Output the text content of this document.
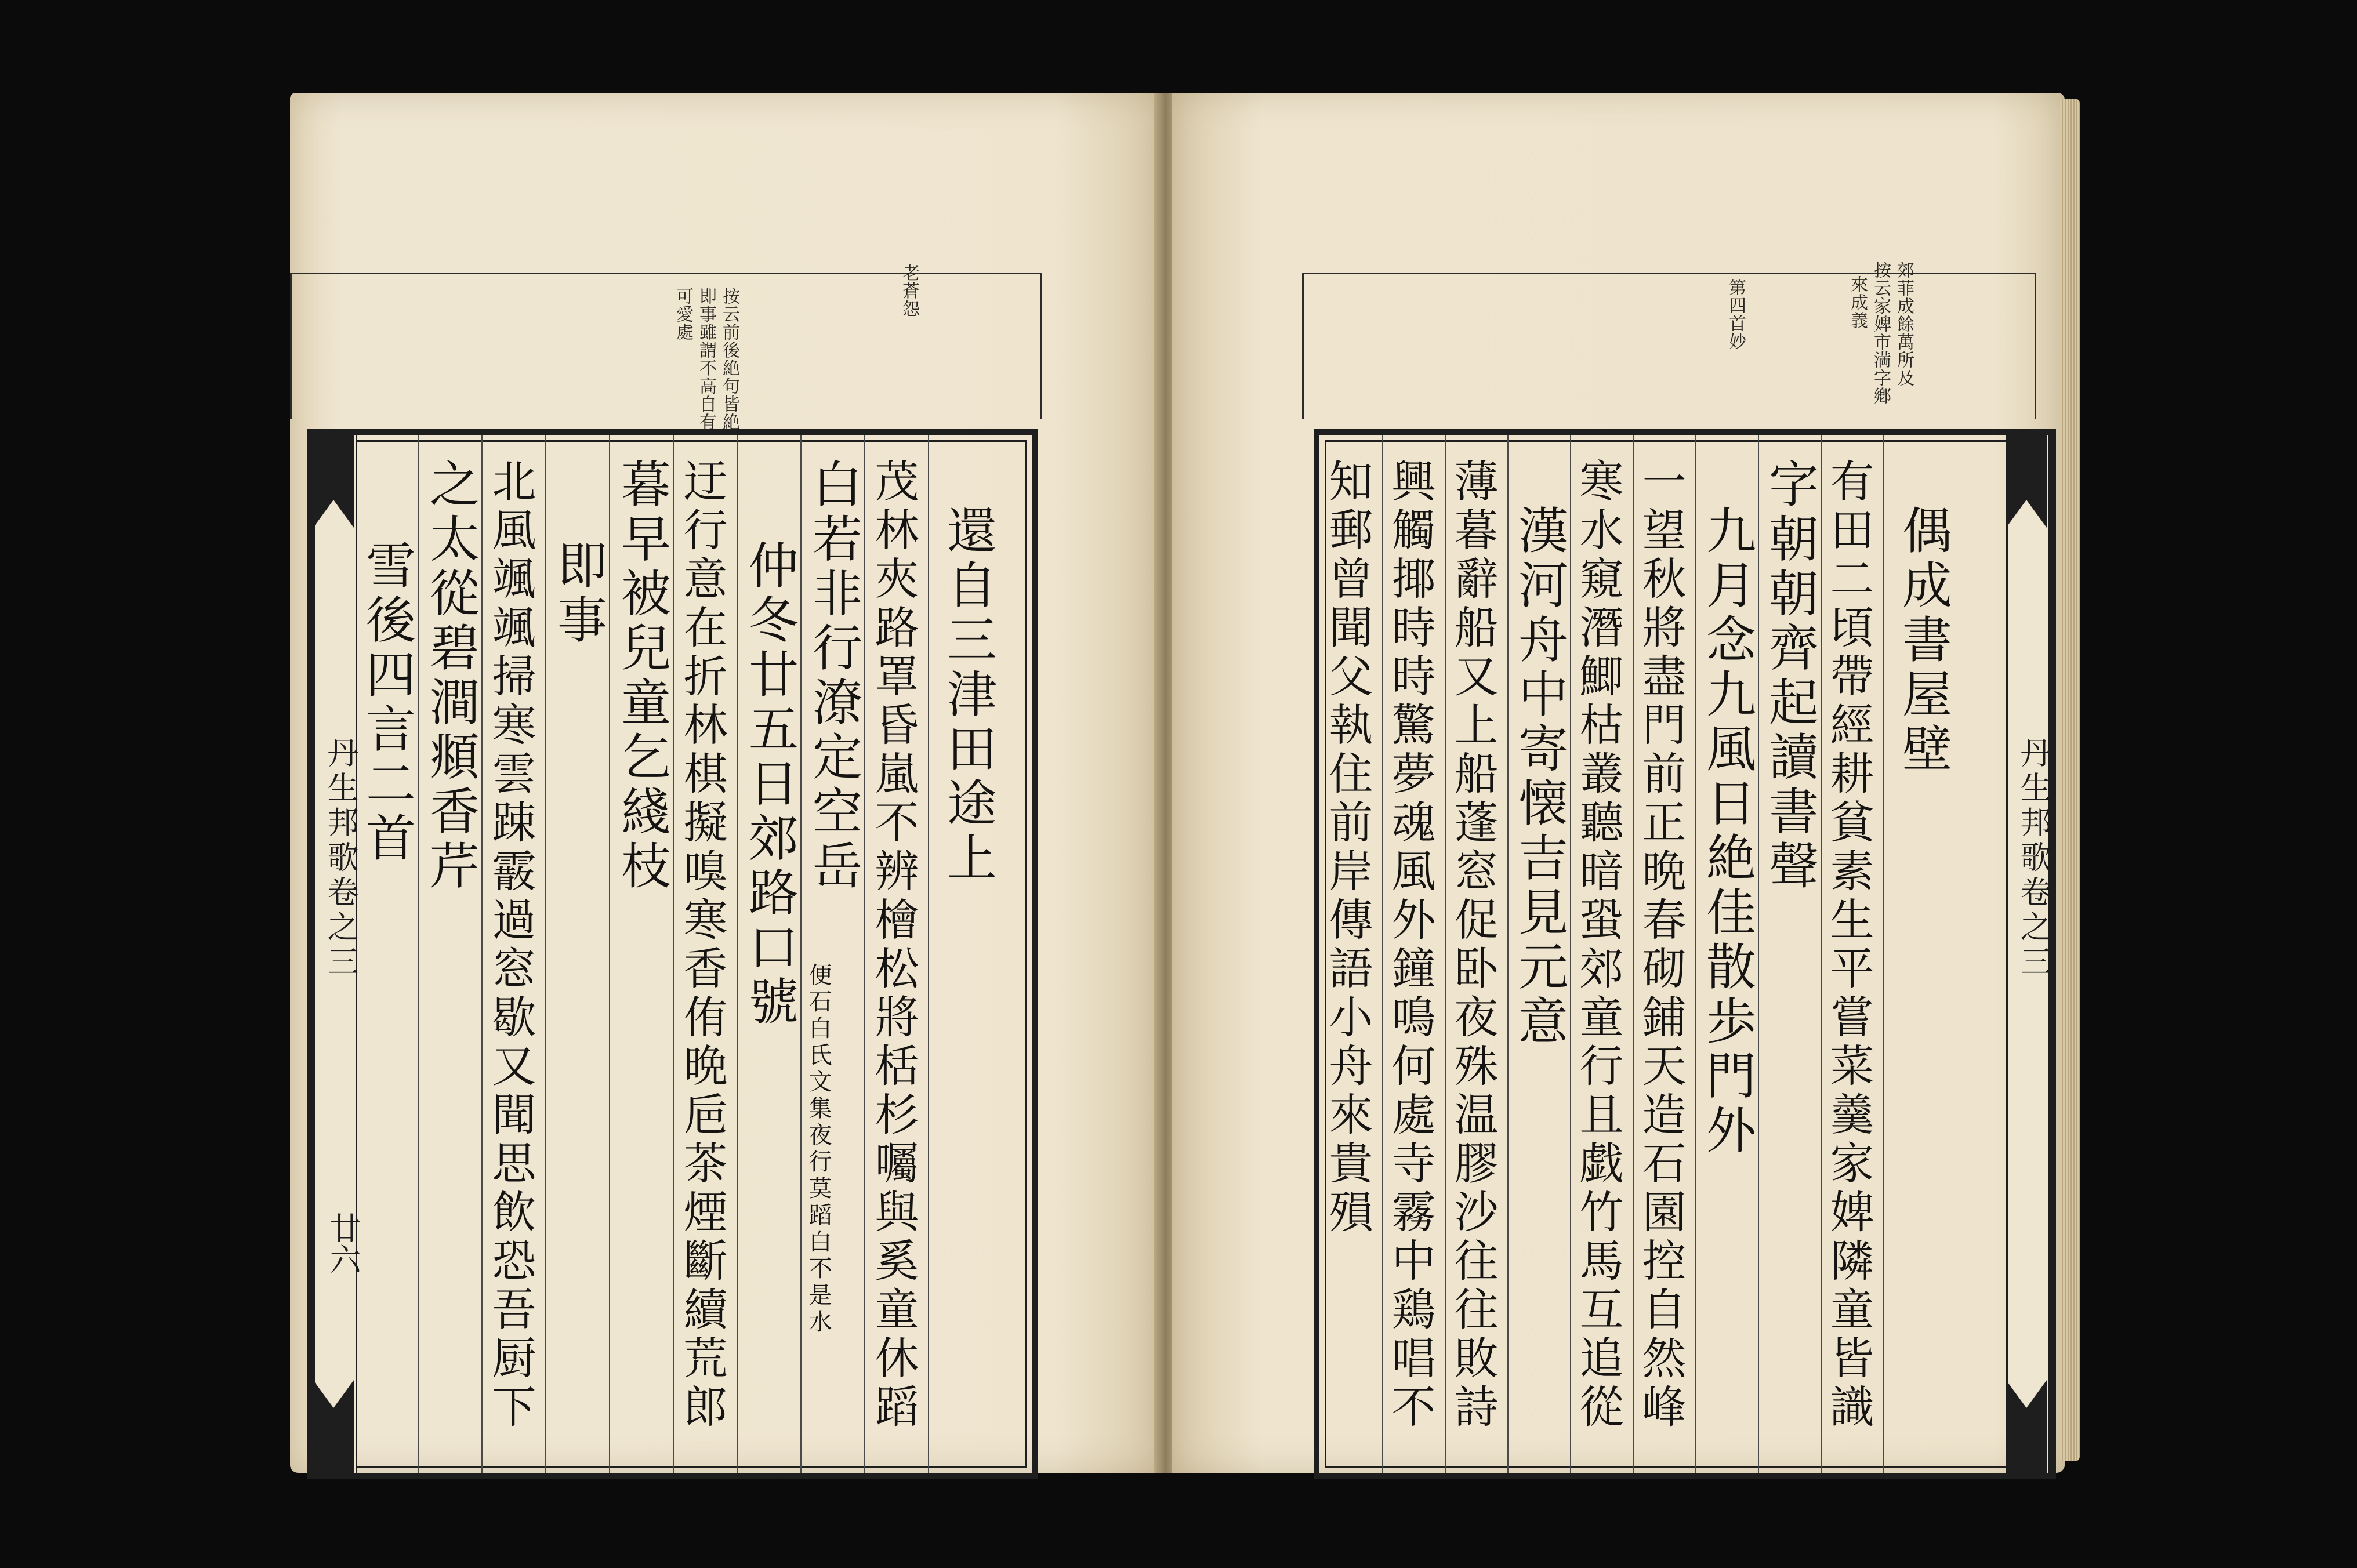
按云前後絶句皆絶
即事雖謂不高自有
可愛處	老蒼怨
丹生邦歌卷之三
廿六
雪後四言二首 之太從碧澗頫香芹 北風颯颯掃寒雲踈霰過窓歇又聞思飲恐吾厨下 即事 暮早被兒童乞綫枝 迂行意在折林棋擬嗅寒香侑晩巵茶煙斷續荒郎 仲冬廿五日郊路口號 白若非行潦定空岳
便石白氏文集夜行莫蹈白不是水 茂林夾路罩昏嵐不辨檜松將栝杉囑與奚童休蹈 還自三津田途上
郊菲成餘萬所及
按云家婢市満字鄕
來成義
第四首妙
知郵曾聞父執住前岸傳語小舟來貴殞 興觸揶時時驚夢魂風外鐘鳴何處寺霧中鶏唱不 薄暮辭船又上船蓬窓促卧夜殊温膠沙往往敗詩 漢河舟中寄懐吉見元意 寒水窺潛鯽枯叢聽暗蛩郊童行且戯竹馬互追從 一望秋將盡門前正晩春砌鋪天造石園控自然峰 九月念九風日絶佳散歩門外 字朝朝齊起讀書聲 有田二頃帶經耕貧素生平嘗菜羹家婢隣童皆識 偶成書屋壁
丹生邦歌卷之三
